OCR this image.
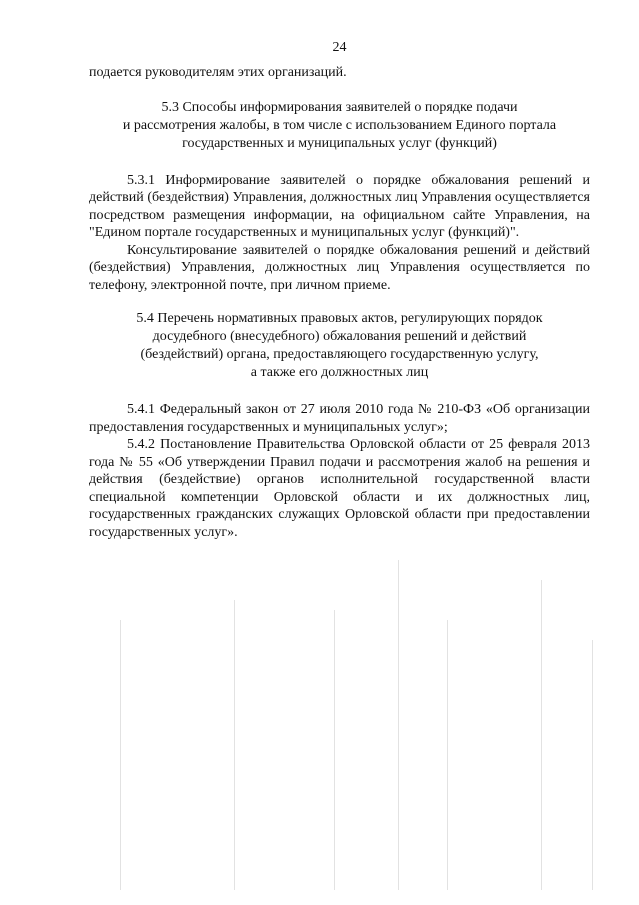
24

подается руководителям этих организаций.

5.3 Способы информирования заявителей о порядке подачи
и рассмотрения жалобы, в том числе с использованием Единого портала
государственных и муниципальных услуг (функций)

5.3.1 Информирование заявителей о порядке обжалования решений и действий (бездействия) Управления, должностных лиц Управления осуществляется посредством размещения информации, на официальном сайте Управления, на "Едином портале государственных и муниципальных услуг (функций)".

Консультирование заявителей о порядке обжалования решений и действий (бездействия) Управления, должностных лиц Управления осуществляется по телефону, электронной почте, при личном приеме.

5.4 Перечень нормативных правовых актов, регулирующих порядок
досудебного (внесудебного) обжалования решений и действий
(бездействий) органа, предоставляющего государственную услугу,
а также его должностных лиц

5.4.1 Федеральный закон от 27 июля 2010 года № 210-ФЗ «Об организации предоставления государственных и муниципальных услуг»;

5.4.2 Постановление Правительства Орловской области от 25 февраля 2013 года № 55 «Об утверждении Правил подачи и рассмотрения жалоб на решения и действия (бездействие) органов исполнительной государственной власти специальной компетенции Орловской области и их должностных лиц, государственных гражданских служащих Орловской области при предоставлении государственных услуг».
